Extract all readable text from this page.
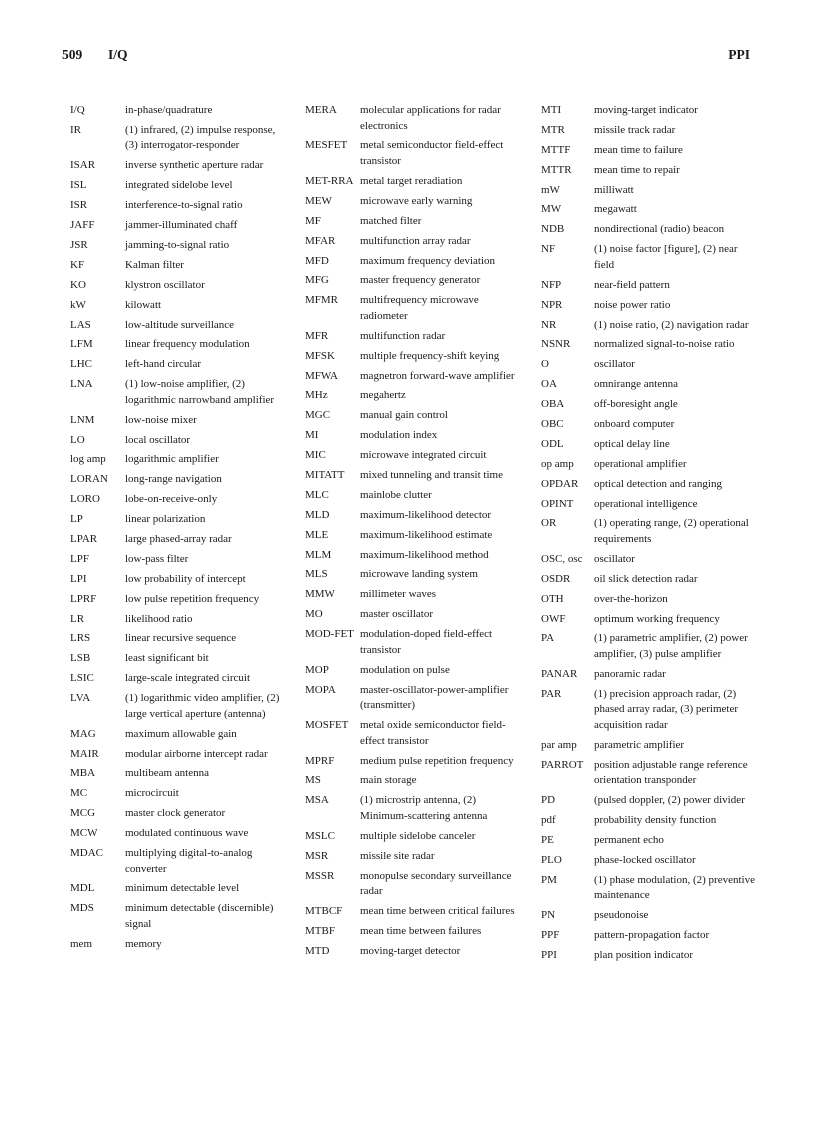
509 I/Q	PPI
I/Q	in-phase/quadrature
IR	(1) infrared, (2) impulse response, (3) interrogator-responder
ISAR	inverse synthetic aperture radar
ISL	integrated sidelobe level
ISR	interference-to-signal ratio
JAFF	jammer-illuminated chaff
JSR	jamming-to-signal ratio
KF	Kalman filter
KO	klystron oscillator
kW	kilowatt
LAS	low-altitude surveillance
LFM	linear frequency modulation
LHC	left-hand circular
LNA	(1) low-noise amplifier, (2) logarithmic narrowband amplifier
LNM	low-noise mixer
LO	local oscillator
log amp	logarithmic amplifier
LORAN	long-range navigation
LORO	lobe-on-receive-only
LP	linear polarization
LPAR	large phased-array radar
LPF	low-pass filter
LPI	low probability of intercept
LPRF	low pulse repetition frequency
LR	likelihood ratio
LRS	linear recursive sequence
LSB	least significant bit
LSIC	large-scale integrated circuit
LVA	(1) logarithmic video amplifier, (2) large vertical aperture (antenna)
MAG	maximum allowable gain
MAIR	modular airborne intercept radar
MBA	multibeam antenna
MC	microcircuit
MCG	master clock generator
MCW	modulated continuous wave
MDAC	multiplying digital-to-analog converter
MDL	minimum detectable level
MDS	minimum detectable (discernible) signal
mem	memory
MERA	molecular applications for radar electronics
MESFET	metal semiconductor field-effect transistor
MET-RRA metal target reradiation
MEW	microwave early warning
MF	matched filter
MFAR	multifunction array radar
MFD	maximum frequency deviation
MFG	master frequency generator
MFMR	multifrequency microwave radiometer
MFR	multifunction radar
MFSK	multiple frequency-shift keying
MFWA	magnetron forward-wave amplifier
MHz	megahertz
MGC	manual gain control
MI	modulation index
MIC	microwave integrated circuit
MITATT	mixed tunneling and transit time
MLC	mainlobe clutter
MLD	maximum-likelihood detector
MLE	maximum-likelihood estimate
MLM	maximum-likelihood method
MLS	microwave landing system
MMW	millimeter waves
MO	master oscillator
MOD-FET modulation-doped field-effect transistor
MOP	modulation on pulse
MOPA	master-oscillator-power-amplifier (transmitter)
MOSFET	metal oxide semiconductor field-effect transistor
MPRF	medium pulse repetition frequency
MS	main storage
MSA	(1) microstrip antenna, (2) Minimum-scattering antenna
MSLC	multiple sidelobe canceler
MSR	missile site radar
MSSR	monopulse secondary surveillance radar
MTBCF	mean time between critical failures
MTBF	mean time between failures
MTD	moving-target detector
MTI	moving-target indicator
MTR	missile track radar
MTTF	mean time to failure
MTTR	mean time to repair
mW	milliwatt
MW	megawatt
NDB	nondirectional (radio) beacon
NF	(1) noise factor [figure], (2) near field
NFP	near-field pattern
NPR	noise power ratio
NR	(1) noise ratio, (2) navigation radar
NSNR	normalized signal-to-noise ratio
O	oscillator
OA	omnirange antenna
OBA	off-boresight angle
OBC	onboard computer
ODL	optical delay line
op amp	operational amplifier
OPDAR	optical detection and ranging
OPINT	operational intelligence
OR	(1) operating range, (2) operational requirements
OSC, osc	oscillator
OSDR	oil slick detection radar
OTH	over-the-horizon
OWF	optimum working frequency
PA	(1) parametric amplifier, (2) power amplifier, (3) pulse amplifier
PANAR	panoramic radar
PAR	(1) precision approach radar, (2) phased array radar, (3) perimeter acquisition radar
par amp	parametric amplifier
PARROT position adjustable range reference orientation transponder
PD	(pulsed doppler, (2) power divider
pdf	probability density function
PE	permanent echo
PLO	phase-locked oscillator
PM	(1) phase modulation, (2) preventive maintenance
PN	pseudonoise
PPF	pattern-propagation factor
PPI	plan position indicator
